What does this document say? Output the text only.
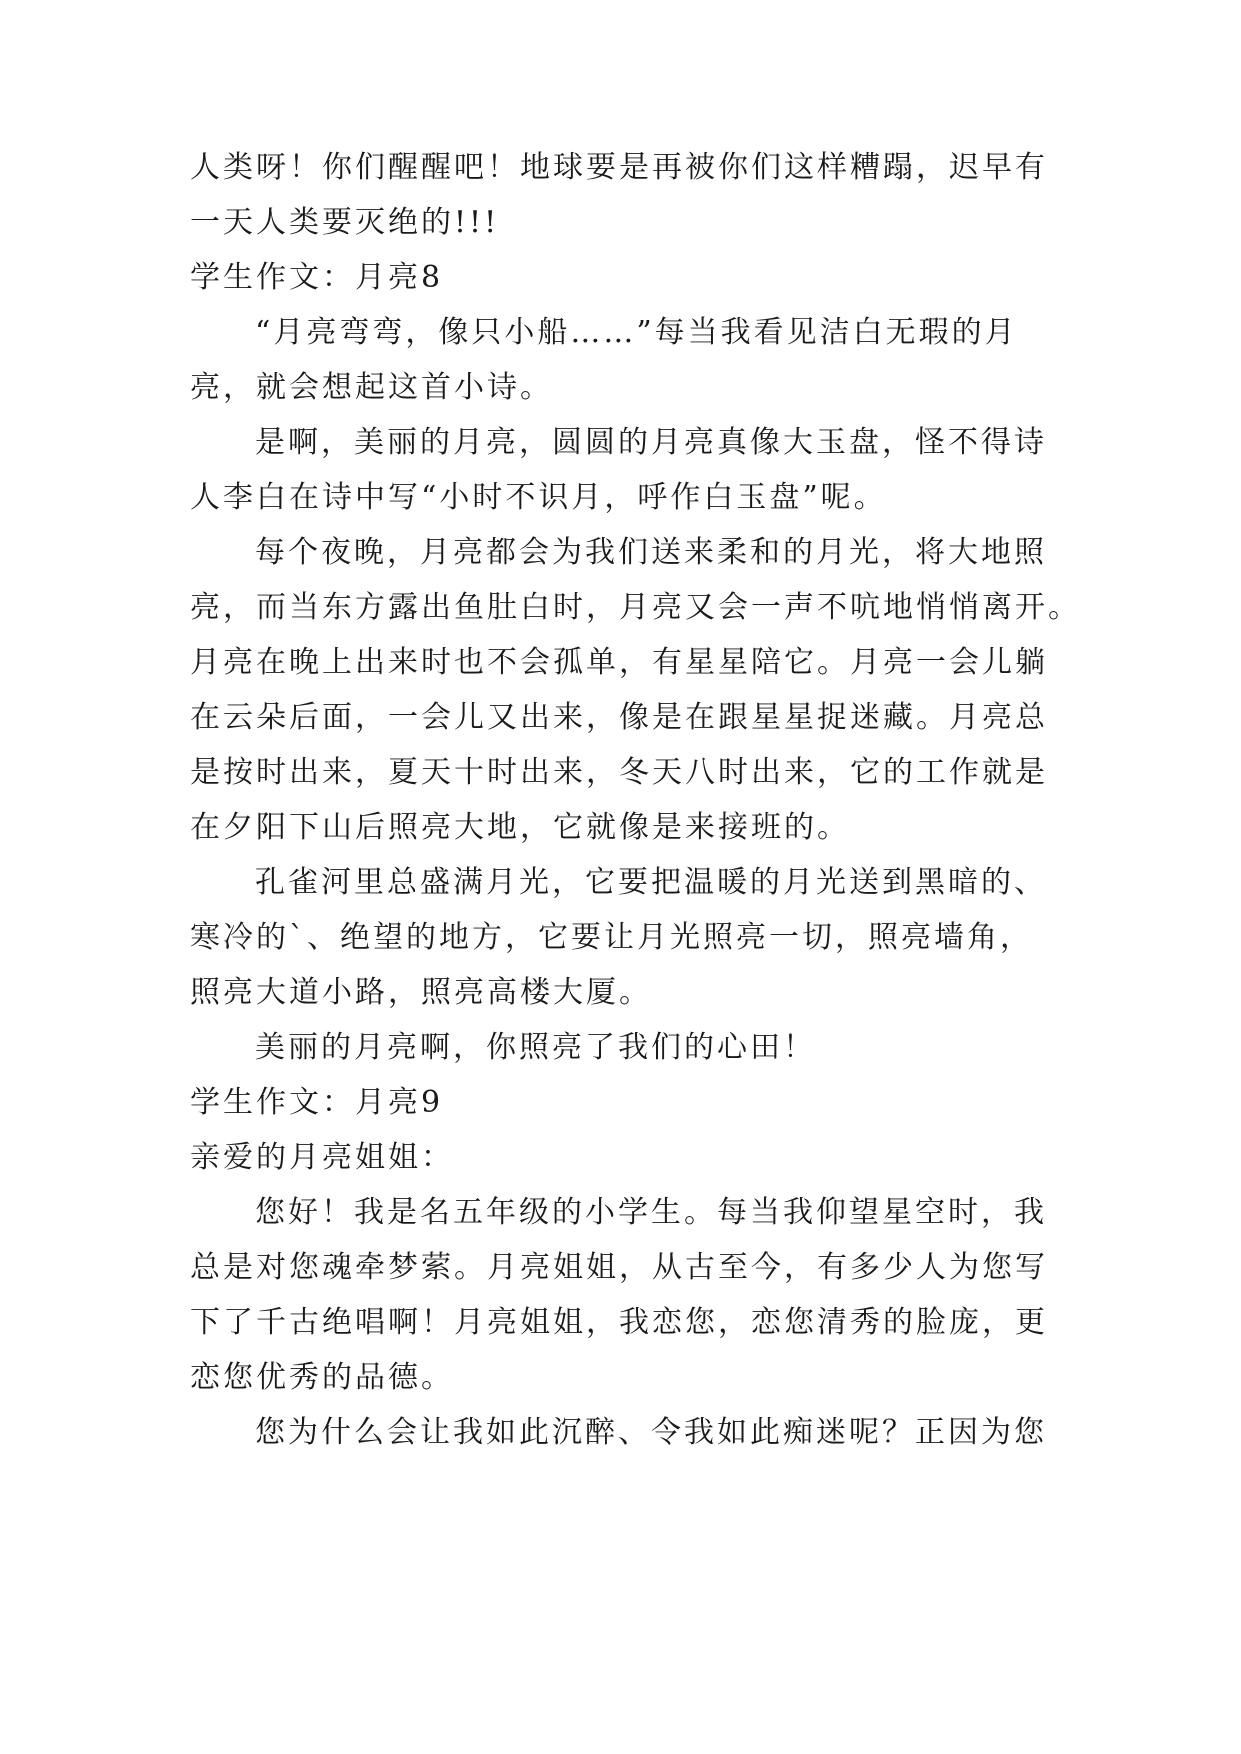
人类呀！你们醒醒吧！地球要是再被你们这样糟蹋，迟早有
一天人类要灭绝的!!!
学生作文：月亮8
“月亮弯弯，像只小船……”每当我看见洁白无瑕的月
亮，就会想起这首小诗。
是啊，美丽的月亮，圆圆的月亮真像大玉盘，怪不得诗
人李白在诗中写“小时不识月，呼作白玉盘”呢。
每个夜晚，月亮都会为我们送来柔和的月光，将大地照
亮，而当东方露出鱼肚白时，月亮又会一声不吭地悄悄离开。
月亮在晚上出来时也不会孤单，有星星陪它。月亮一会儿躺
在云朵后面，一会儿又出来，像是在跟星星捉迷藏。月亮总
是按时出来，夏天十时出来，冬天八时出来，它的工作就是
在夕阳下山后照亮大地，它就像是来接班的。
孔雀河里总盛满月光，它要把温暖的月光送到黑暗的、
寒冷的`、绝望的地方，它要让月光照亮一切，照亮墙角，
照亮大道小路，照亮高楼大厦。
美丽的月亮啊，你照亮了我们的心田！
学生作文：月亮9
亲爱的月亮姐姐：
您好！我是名五年级的小学生。每当我仰望星空时，我
总是对您魂牵梦萦。月亮姐姐，从古至今，有多少人为您写
下了千古绝唱啊！月亮姐姐，我恋您，恋您清秀的脸庞，更
恋您优秀的品德。
您为什么会让我如此沉醉、令我如此痴迷呢？正因为您
